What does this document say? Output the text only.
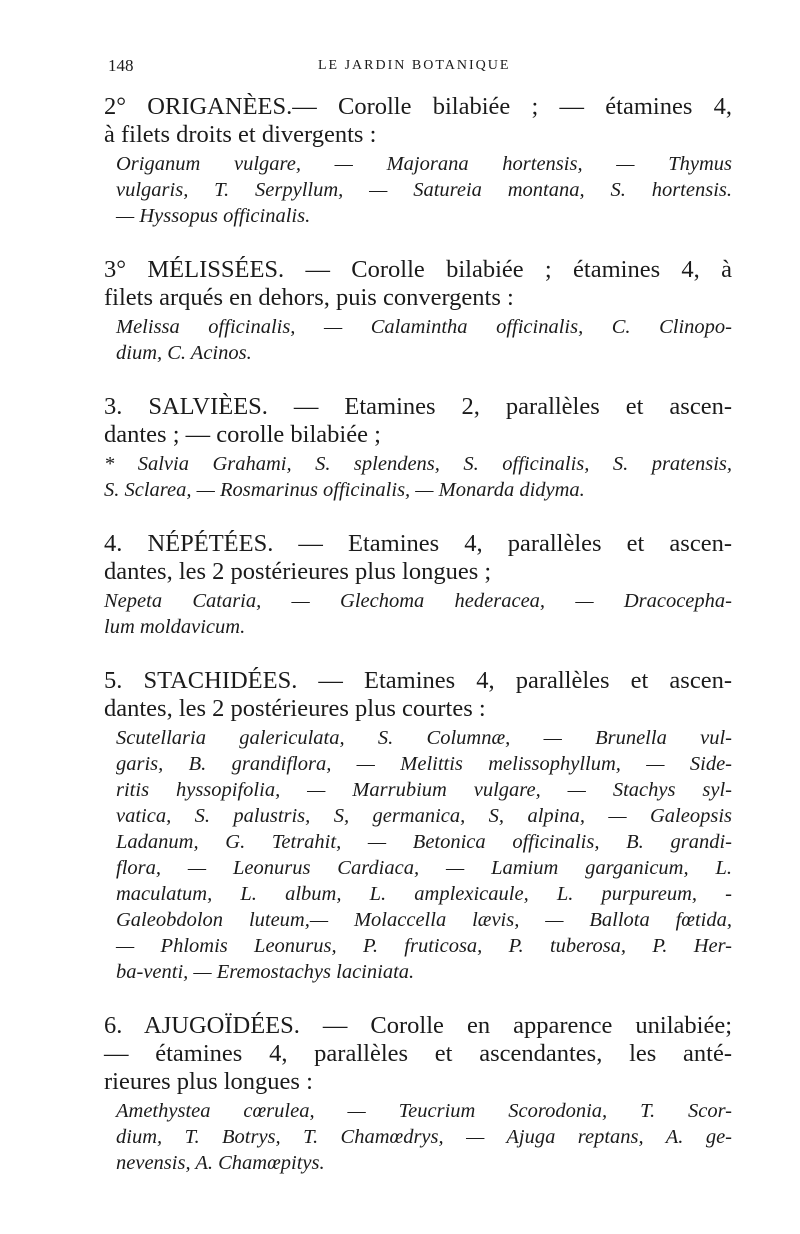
148	LE JARDIN BOTANIQUE
2° ORIGANÈES.— Corolle bilabiée ; — étamines 4,
à filets droits et divergents :
Origanum vulgare, — Majorana hortensis, — Thymus
vulgaris, T. Serpyllum, — Satureia montana, S. hortensis.
— Hyssopus officinalis.
3° MÉLISSÉES. — Corolle bilabiée ; étamines 4, à
filets arqués en dehors, puis convergents :
Melissa officinalis, — Calamintha officinalis, C. Clinopo-
dium, C. Acinos.
3. SALVIÈES. — Etamines 2, parallèles et ascen-
dantes ; — corolle bilabiée ;
* Salvia Grahami, S. splendens, S. officinalis, S. pratensis,
S. Sclarea, — Rosmarinus officinalis, — Monarda didyma.
4. NÉPÉTÉES. — Etamines 4, parallèles et ascen-
dantes, les 2 postérieures plus longues ;
Nepeta Cataria, — Glechoma hederacea, — Dracocepha-
lum moldavicum.
5. STACHIDÉES. — Etamines 4, parallèles et ascen-
dantes, les 2 postérieures plus courtes :
Scutellaria galericulata, S. Columnæ, — Brunella vul-
garis, B. grandiflora, — Melittis melissophyllum, — Side-
ritis hyssopifolia, — Marrubium vulgare, — Stachys syl-
vatica, S. palustris, S, germanica, S, alpina, — Galeopsis
Ladanum, G. Tetrahit, — Betonica officinalis, B. grandi-
flora, — Leonurus Cardiaca, — Lamium garganicum, L.
maculatum, L. album, L. amplexicaule, L. purpureum, -
Galeobdolon luteum,— Molaccella lævis, — Ballota fœtida,
— Phlomis Leonurus, P. fruticosa, P. tuberosa, P. Her-
ba-venti, — Eremostachys laciniata.
6. AJUGOÏDÉES. — Corolle en apparence unilabiée;
— étamines 4, parallèles et ascendantes, les anté-
rieures plus longues :
Amethystea cœrulea, — Teucrium Scorodonia, T. Scor-
dium, T. Botrys, T. Chamœdrys, — Ajuga reptans, A. ge-
nevensis, A. Chamœpitys.
